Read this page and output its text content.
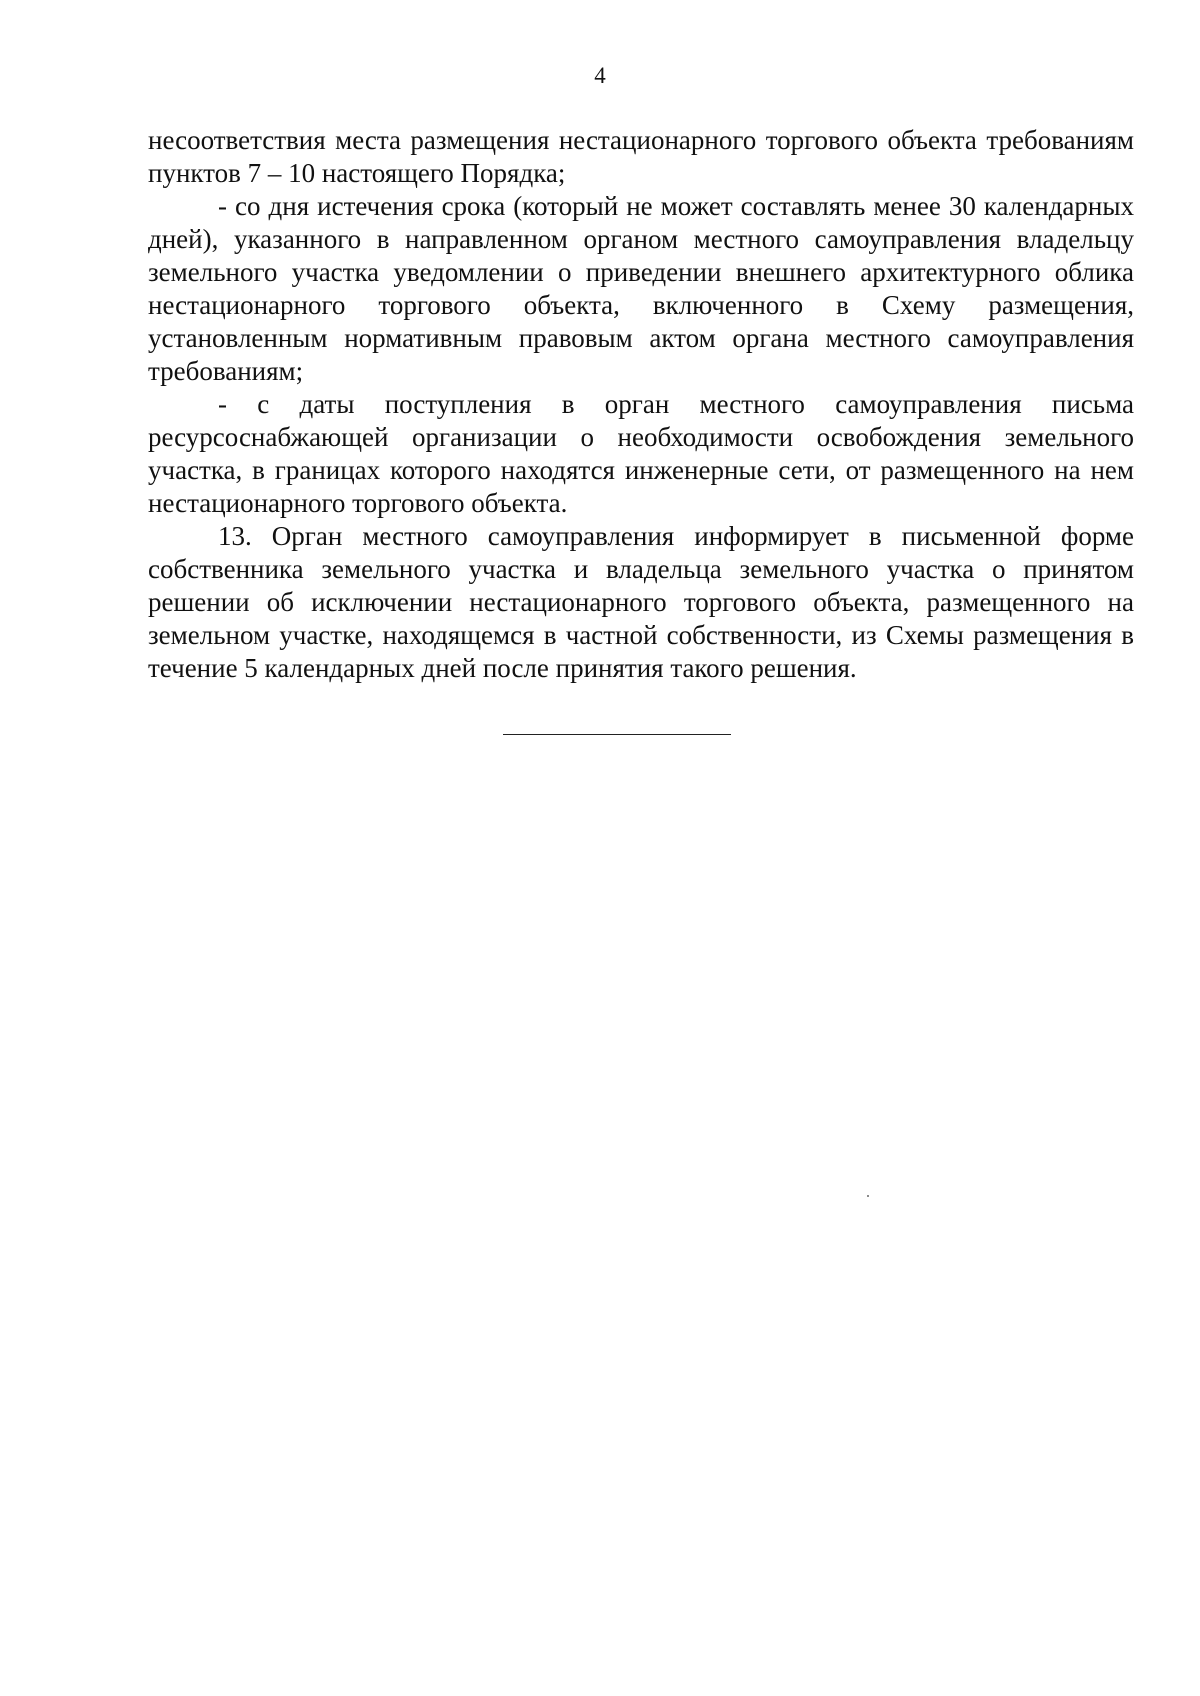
4

несоответствия места размещения нестационарного торгового объекта требованиям пунктов 7 – 10 настоящего Порядка;

- со дня истечения срока (который не может составлять менее 30 календарных дней), указанного в направленном органом местного самоуправления владельцу земельного участка уведомлении о приведении внешнего архитектурного облика нестационарного торгового объекта, включенного в Схему размещения, установленным нормативным правовым актом органа местного самоуправления требованиям;

- с даты поступления в орган местного самоуправления письма ресурсоснабжающей организации о необходимости освобождения земельного участка, в границах которого находятся инженерные сети, от размещенного на нем нестационарного торгового объекта.

13. Орган местного самоуправления информирует в письменной форме собственника земельного участка и владельца земельного участка о принятом решении об исключении нестационарного торгового объекта, размещенного на земельном участке, находящемся в частной собственности, из Схемы размещения в течение 5 календарных дней после принятия такого решения.
